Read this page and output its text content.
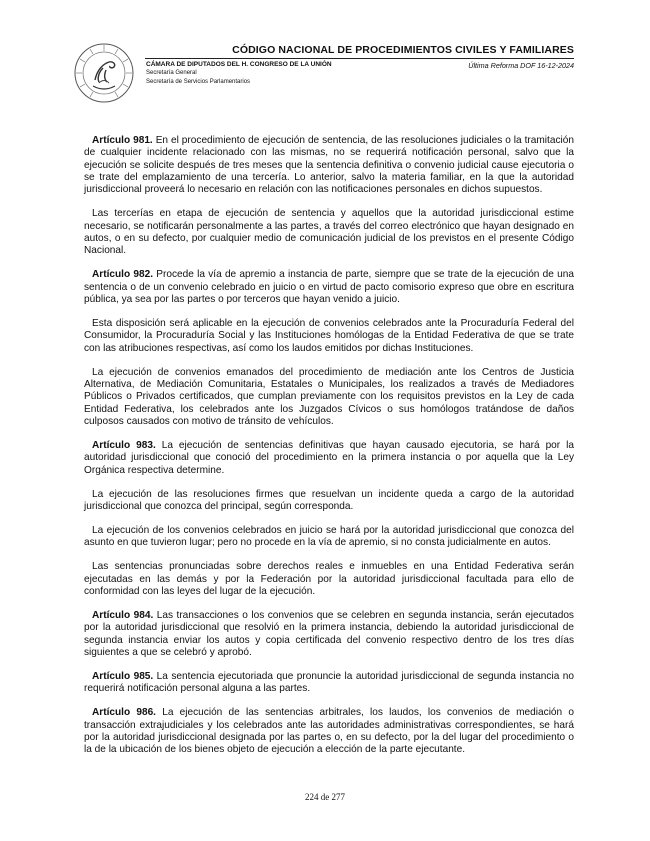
CÓDIGO NACIONAL DE PROCEDIMIENTOS CIVILES Y FAMILIARES
CÁMARA DE DIPUTADOS DEL H. CONGRESO DE LA UNIÓN	Última Reforma DOF 16-12-2024
Secretaría General
Secretaría de Servicios Parlamentarios

Artículo 981. En el procedimiento de ejecución de sentencia, de las resoluciones judiciales o la tramitación de cualquier incidente relacionado con las mismas, no se requerirá notificación personal, salvo que la ejecución se solicite después de tres meses que la sentencia definitiva o convenio judicial cause ejecutoria o se trate del emplazamiento de una tercería. Lo anterior, salvo la materia familiar, en la que la autoridad jurisdiccional proveerá lo necesario en relación con las notificaciones personales en dichos supuestos.

Las tercerías en etapa de ejecución de sentencia y aquellos que la autoridad jurisdiccional estime necesario, se notificarán personalmente a las partes, a través del correo electrónico que hayan designado en autos, o en su defecto, por cualquier medio de comunicación judicial de los previstos en el presente Código Nacional.

Artículo 982. Procede la vía de apremio a instancia de parte, siempre que se trate de la ejecución de una sentencia o de un convenio celebrado en juicio o en virtud de pacto comisorio expreso que obre en escritura pública, ya sea por las partes o por terceros que hayan venido a juicio.

Esta disposición será aplicable en la ejecución de convenios celebrados ante la Procuraduría Federal del Consumidor, la Procuraduría Social y las Instituciones homólogas de la Entidad Federativa de que se trate con las atribuciones respectivas, así como los laudos emitidos por dichas Instituciones.

La ejecución de convenios emanados del procedimiento de mediación ante los Centros de Justicia Alternativa, de Mediación Comunitaria, Estatales o Municipales, los realizados a través de Mediadores Públicos o Privados certificados, que cumplan previamente con los requisitos previstos en la Ley de cada Entidad Federativa, los celebrados ante los Juzgados Cívicos o sus homólogos tratándose de daños culposos causados con motivo de tránsito de vehículos.

Artículo 983. La ejecución de sentencias definitivas que hayan causado ejecutoria, se hará por la autoridad jurisdiccional que conoció del procedimiento en la primera instancia o por aquella que la Ley Orgánica respectiva determine.

La ejecución de las resoluciones firmes que resuelvan un incidente queda a cargo de la autoridad jurisdiccional que conozca del principal, según corresponda.

La ejecución de los convenios celebrados en juicio se hará por la autoridad jurisdiccional que conozca del asunto en que tuvieron lugar; pero no procede en la vía de apremio, si no consta judicialmente en autos.

Las sentencias pronunciadas sobre derechos reales e inmuebles en una Entidad Federativa serán ejecutadas en las demás y por la Federación por la autoridad jurisdiccional facultada para ello de conformidad con las leyes del lugar de la ejecución.

Artículo 984. Las transacciones o los convenios que se celebren en segunda instancia, serán ejecutados por la autoridad jurisdiccional que resolvió en la primera instancia, debiendo la autoridad jurisdiccional de segunda instancia enviar los autos y copia certificada del convenio respectivo dentro de los tres días siguientes a que se celebró y aprobó.

Artículo 985. La sentencia ejecutoriada que pronuncie la autoridad jurisdiccional de segunda instancia no requerirá notificación personal alguna a las partes.

Artículo 986. La ejecución de las sentencias arbitrales, los laudos, los convenios de mediación o transacción extrajudiciales y los celebrados ante las autoridades administrativas correspondientes, se hará por la autoridad jurisdiccional designada por las partes o, en su defecto, por la del lugar del procedimiento o la de la ubicación de los bienes objeto de ejecución a elección de la parte ejecutante.

224 de 277
